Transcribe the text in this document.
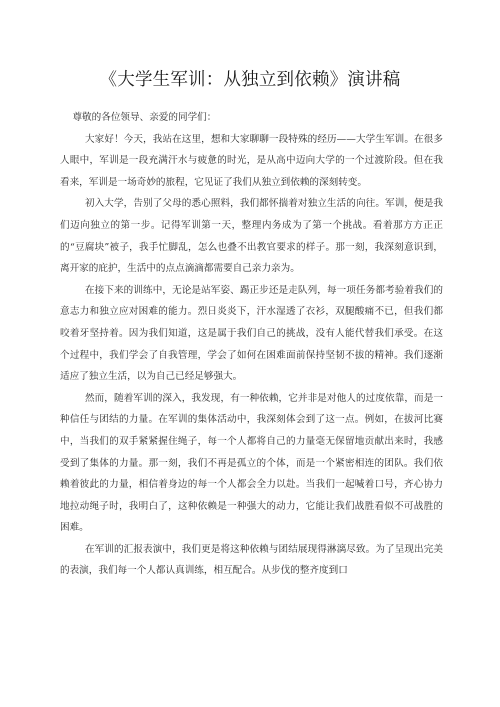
《大学生军训：从独立到依赖》演讲稿

尊敬的各位领导、亲爱的同学们：

大家好！今天，我站在这里，想和大家聊聊一段特殊的经历——大学生军训。在很多人眼中，军训是一段充满汗水与疲惫的时光，是从高中迈向大学的一个过渡阶段。但在我看来，军训是一场奇妙的旅程，它见证了我们从独立到依赖的深刻转变。

初入大学，告别了父母的悉心照料，我们都怀揣着对独立生活的向往。军训，便是我们迈向独立的第一步。记得军训第一天，整理内务成为了第一个挑战。看着那方方正正的“豆腐块”被子，我手忙脚乱，怎么也叠不出教官要求的样子。那一刻，我深刻意识到，离开家的庇护，生活中的点点滴滴都需要自己亲力亲为。

在接下来的训练中，无论是站军姿、踢正步还是走队列，每一项任务都考验着我们的意志力和独立应对困难的能力。烈日炎炎下，汗水湿透了衣衫，双腿酸痛不已，但我们都咬着牙坚持着。因为我们知道，这是属于我们自己的挑战，没有人能代替我们承受。在这个过程中，我们学会了自我管理，学会了如何在困难面前保持坚韧不拔的精神。我们逐渐适应了独立生活，以为自己已经足够强大。

然而，随着军训的深入，我发现，有一种依赖，它并非是对他人的过度依靠，而是一种信任与团结的力量。在军训的集体活动中，我深刻体会到了这一点。例如，在拔河比赛中，当我们的双手紧紧握住绳子，每一个人都将自己的力量毫无保留地贡献出来时，我感受到了集体的力量。那一刻，我们不再是孤立的个体，而是一个紧密相连的团队。我们依赖着彼此的力量，相信着身边的每一个人都会全力以赴。当我们一起喊着口号，齐心协力地拉动绳子时，我明白了，这种依赖是一种强大的动力，它能让我们战胜看似不可战胜的困难。

在军训的汇报表演中，我们更是将这种依赖与团结展现得淋漓尽致。为了呈现出完美的表演，我们每一个人都认真训练，相互配合。从步伐的整齐度到口
